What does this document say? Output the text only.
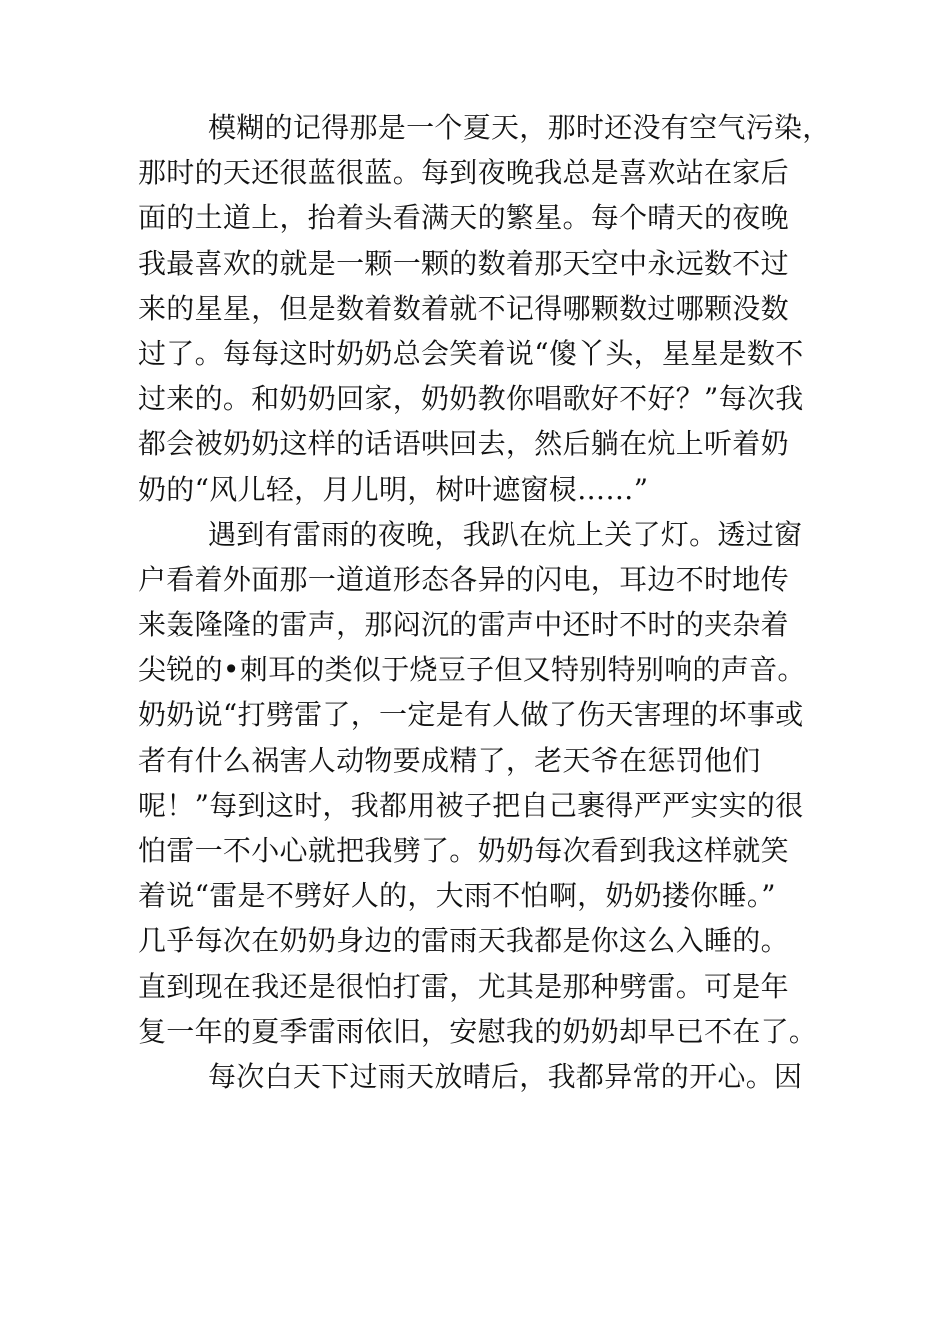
模糊的记得那是一个夏天，那时还没有空气污染，
那时的天还很蓝很蓝。每到夜晚我总是喜欢站在家后
面的土道上，抬着头看满天的繁星。每个晴天的夜晚
我最喜欢的就是一颗一颗的数着那天空中永远数不过
来的星星，但是数着数着就不记得哪颗数过哪颗没数
过了。每每这时奶奶总会笑着说“傻丫头，星星是数不
过来的。和奶奶回家，奶奶教你唱歌好不好？”每次我
都会被奶奶这样的话语哄回去，然后躺在炕上听着奶
奶的“风儿轻，月儿明，树叶遮窗棂……”
遇到有雷雨的夜晚，我趴在炕上关了灯。透过窗
户看着外面那一道道形态各异的闪电，耳边不时地传
来轰隆隆的雷声，那闷沉的雷声中还时不时的夹杂着
尖锐的•刺耳的类似于烧豆子但又特别特别响的声音。
奶奶说“打劈雷了，一定是有人做了伤天害理的坏事或
者有什么祸害人动物要成精了，老天爷在惩罚他们
呢！”每到这时，我都用被子把自己裹得严严实实的很
怕雷一不小心就把我劈了。奶奶每次看到我这样就笑
着说“雷是不劈好人的，大雨不怕啊，奶奶搂你睡。”
几乎每次在奶奶身边的雷雨天我都是你这么入睡的。
直到现在我还是很怕打雷，尤其是那种劈雷。可是年
复一年的夏季雷雨依旧，安慰我的奶奶却早已不在了。
每次白天下过雨天放晴后，我都异常的开心。因
